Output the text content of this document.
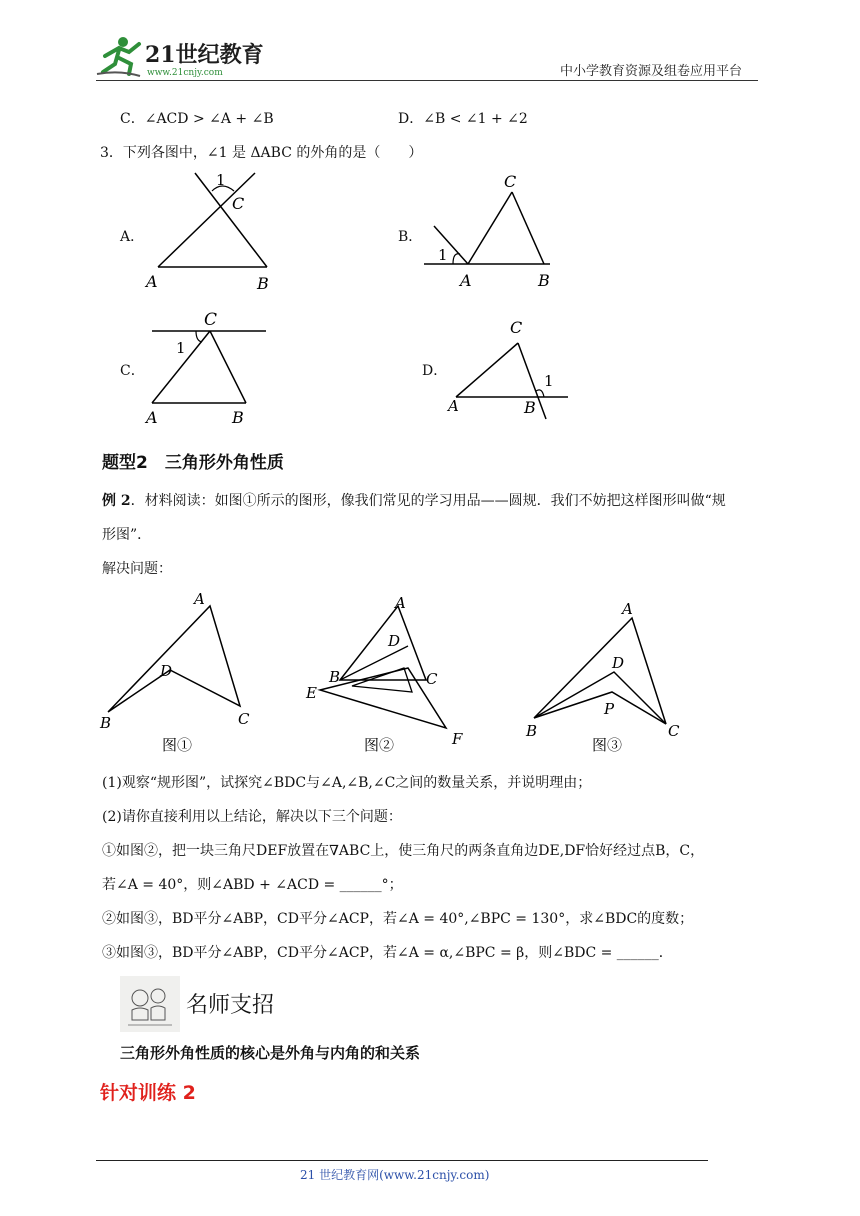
21世纪教育
www.21cnjy.com	中小学教育资源及组卷应用平台
C．∠ACD > ∠A + ∠B	D．∠B < ∠1 + ∠2
3．下列各图中，∠1 是 ΔABC 的外角的是（　　）
A．
1
C
A	B
B．
1
C
A	B
C．
1
C
A	B
D．
1
C
A	B
题型2　三角形外角性质
例 2．材料阅读：如图①所示的图形，像我们常见的学习用品——圆规．我们不妨把这样图形叫做“规
形图”．
解决问题：
A
D
B	C
图①
A
D
B	C
E
F
图②
A
D
P
B	C
图③
(1)观察“规形图”，试探究∠BDC与∠A,∠B,∠C之间的数量关系，并说明理由；
(2)请你直接利用以上结论，解决以下三个问题：
①如图②，把一块三角尺DEF放置在∇ABC上，使三角尺的两条直角边DE,DF恰好经过点B，C，
若∠A = 40°，则∠ABD + ∠ACD = ______°；
②如图③，BD平分∠ABP，CD平分∠ACP，若∠A = 40°,∠BPC = 130°，求∠BDC的度数；
③如图③，BD平分∠ABP，CD平分∠ACP，若∠A = α,∠BPC = β，则∠BDC = ______．
名师支招
三角形外角性质的核心是外角与内角的和关系
针对训练 2
21 世纪教育网(www.21cnjy.com)
